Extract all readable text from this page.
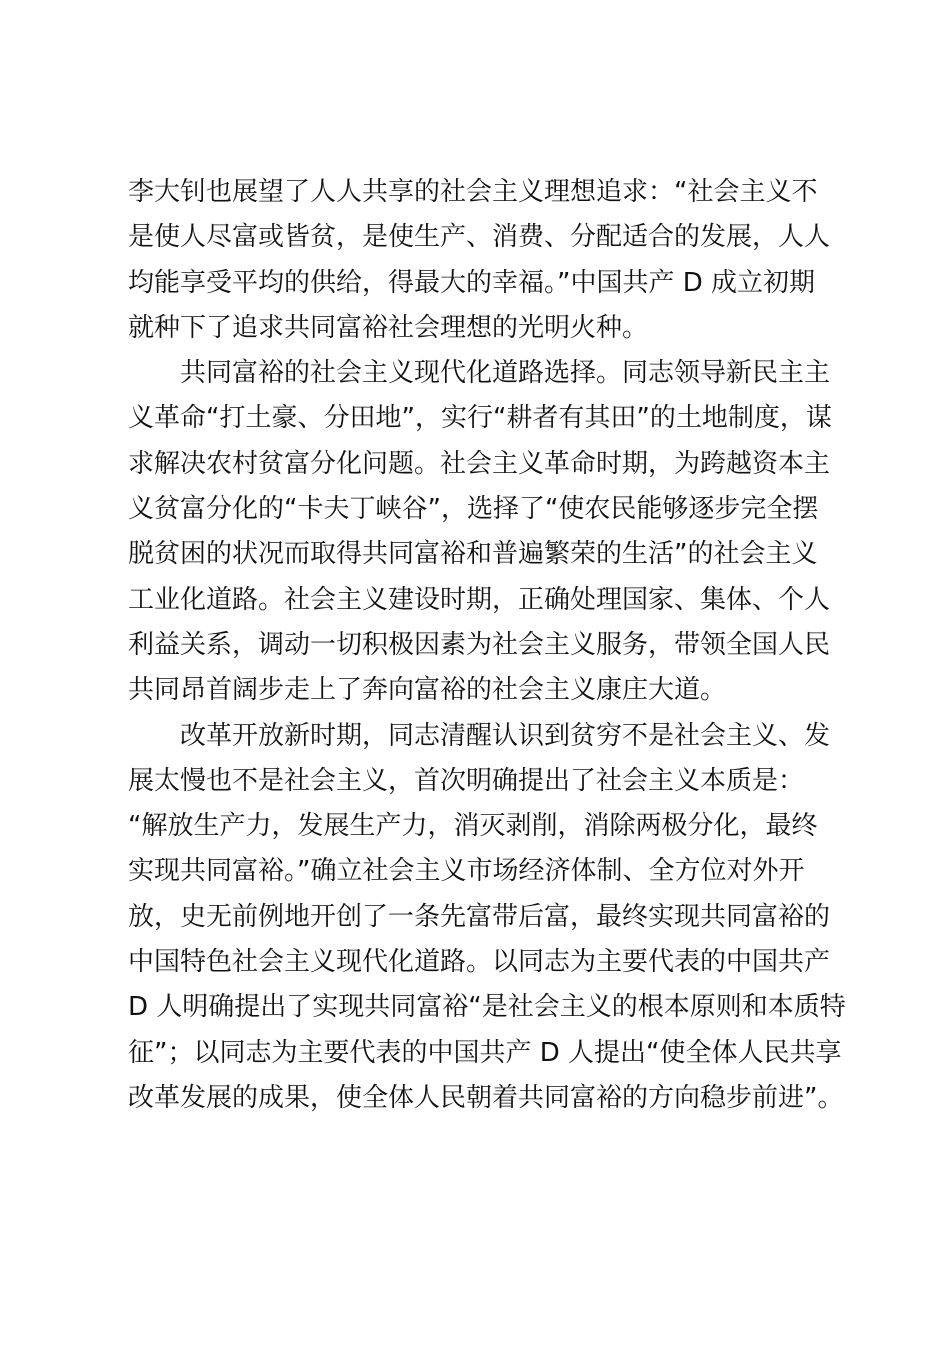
李大钊也展望了人人共享的社会主义理想追求：“社会主义不
是使人尽富或皆贫，是使生产、消费、分配适合的发展，人人
均能享受平均的供给，得最大的幸福。”中国共产 D 成立初期
就种下了追求共同富裕社会理想的光明火种。
共同富裕的社会主义现代化道路选择。同志领导新民主主
义革命“打土豪、分田地”，实行“耕者有其田”的土地制度，谋
求解决农村贫富分化问题。社会主义革命时期，为跨越资本主
义贫富分化的“卡夫丁峡谷”，选择了“使农民能够逐步完全摆
脱贫困的状况而取得共同富裕和普遍繁荣的生活”的社会主义
工业化道路。社会主义建设时期，正确处理国家、集体、个人
利益关系，调动一切积极因素为社会主义服务，带领全国人民
共同昂首阔步走上了奔向富裕的社会主义康庄大道。
改革开放新时期，同志清醒认识到贫穷不是社会主义、发
展太慢也不是社会主义，首次明确提出了社会主义本质是：
“解放生产力，发展生产力，消灭剥削，消除两极分化，最终
实现共同富裕。”确立社会主义市场经济体制、全方位对外开
放，史无前例地开创了一条先富带后富，最终实现共同富裕的
中国特色社会主义现代化道路。以同志为主要代表的中国共产
D 人明确提出了实现共同富裕“是社会主义的根本原则和本质特
征”；以同志为主要代表的中国共产 D 人提出“使全体人民共享
改革发展的成果，使全体人民朝着共同富裕的方向稳步前进”。
